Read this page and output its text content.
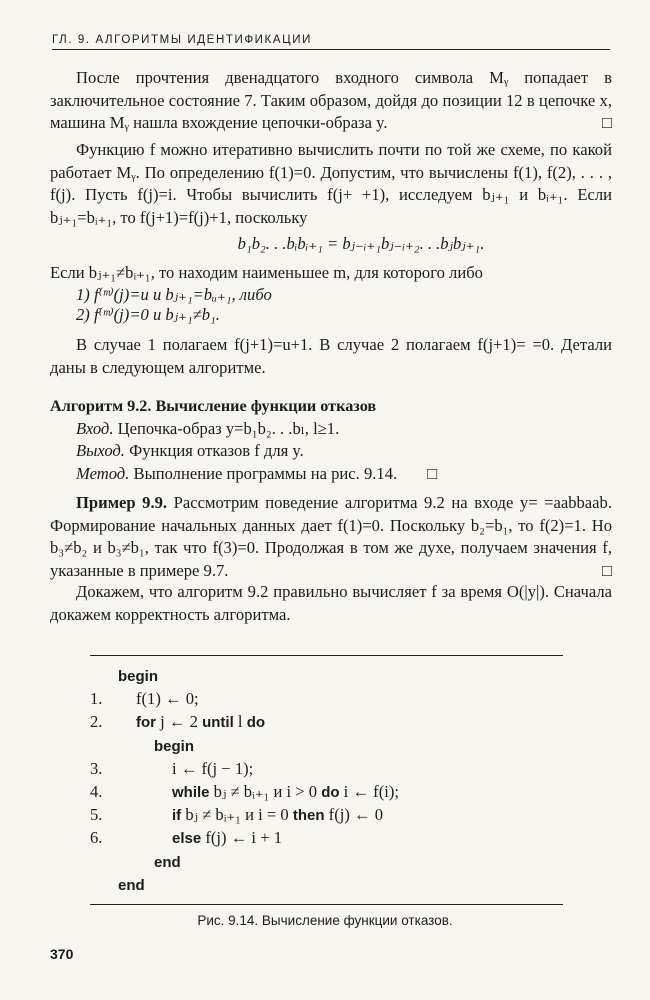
ГЛ. 9. АЛГОРИТМЫ ИДЕНТИФИКАЦИИ

После прочтения двенадцатого входного символа Mᵧ попадает в заключительное состояние 7. Таким образом, дойдя до позиции 12 в цепочке x, машина Mᵧ нашла вхождение цепочки-образа y.	□

Функцию f можно итеративно вычислить почти по той же схеме, по какой работает Mᵧ. По определению f(1)=0. Допустим, что вычислены f(1), f(2), . . . , f(j). Пусть f(j)=i. Чтобы вычислить f(j+ +1), исследуем bⱼ₊₁ и bᵢ₊₁. Если bⱼ₊₁=bᵢ₊₁, то f(j+1)=f(j)+1, поскольку

b₁b₂. . .bᵢbᵢ₊₁ = bⱼ₋ᵢ₊₁bⱼ₋ᵢ₊₂. . .bⱼbⱼ₊₁.

Если bⱼ₊₁≠bᵢ₊₁, то находим наименьшее m, для которого либо

1) f⁽ᵐ⁾(j)=u и bⱼ₊₁=bᵤ₊₁, либо
2) f⁽ᵐ⁾(j)=0 и bⱼ₊₁≠b₁.

В случае 1 полагаем f(j+1)=u+1. В случае 2 полагаем f(j+1)= =0. Детали даны в следующем алгоритме.

Алгоритм 9.2. Вычисление функции отказов
Вход. Цепочка-образ y=b₁b₂. . .bₗ, l≥1.
Выход. Функция отказов f для y.
Метод. Выполнение программы на рис. 9.14. □

Пример 9.9. Рассмотрим поведение алгоритма 9.2 на входе y= =aabbaab. Формирование начальных данных дает f(1)=0. Поскольку b₂=b₁, то f(2)=1. Но b₃≠b₂ и b₃≠b₁, так что f(3)=0. Продолжая в том же духе, получаем значения f, указанные в примере 9.7.	□

Докажем, что алгоритм 9.2 правильно вычисляет f за время O(|y|). Сначала докажем корректность алгоритма.

begin
1.	f(1) ← 0;
2.	for j ← 2 until l do
begin
3.	i ← f(j − 1);
4.	while bⱼ ≠ bᵢ₊₁ и i > 0 do i ← f(i);
5.	if bⱼ ≠ bᵢ₊₁ и i = 0 then f(j) ← 0
6.	else f(j) ← i + 1
end
end
Рис. 9.14. Вычисление функции отказов.
370
